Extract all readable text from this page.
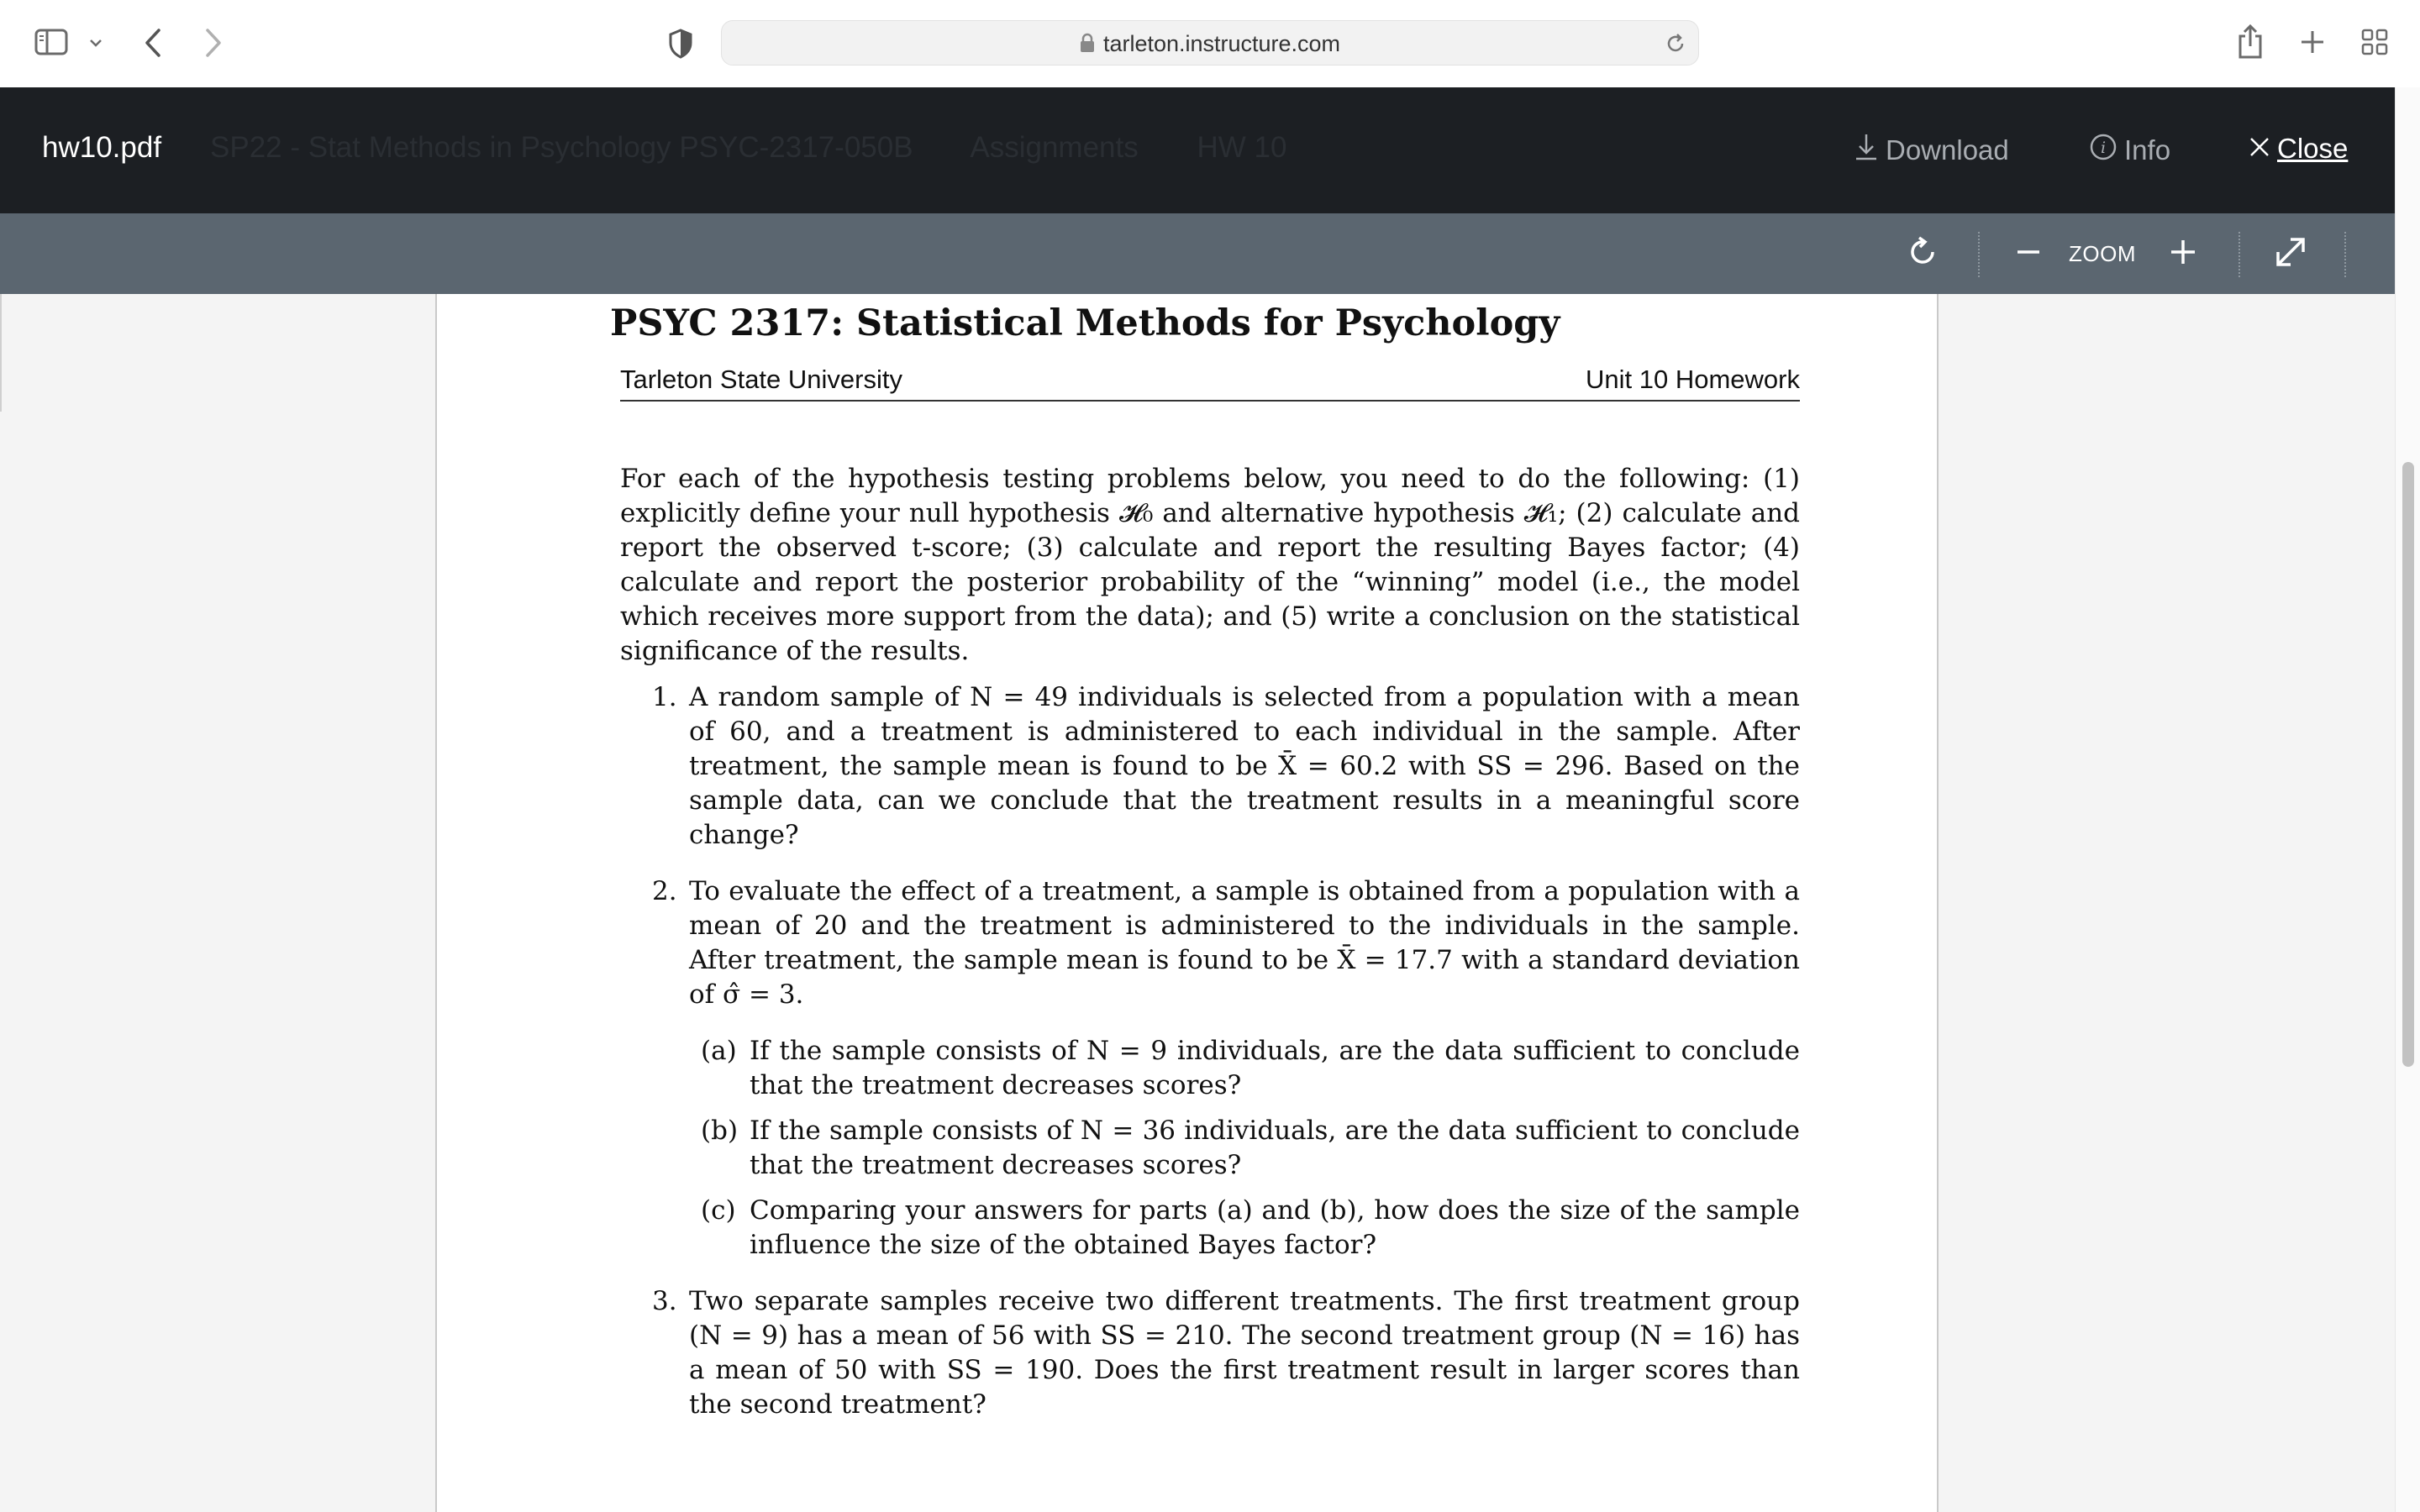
tarleton.instructure.com
hw10.pdf SP22 - Stat Methods in Psychology PSYC-2317-050B Assignments HW 10	Download	i Info	Close
ZOOM
PSYC 2317: Statistical Methods for Psychology
Tarleton State University	Unit 10 Homework

For each of the hypothesis testing problems below, you need to do the following: (1) explicitly define your null hypothesis 𝓗₀ and alternative hypothesis 𝓗₁; (2) calculate and report the observed t-score; (3) calculate and report the resulting Bayes factor; (4) calculate and report the posterior probability of the “winning” model (i.e., the model which receives more support from the data); and (5) write a conclusion on the statistical significance of the results.

1. A random sample of N = 49 individuals is selected from a population with a mean of 60, and a treatment is administered to each individual in the sample. After treatment, the sample mean is found to be X̄ = 60.2 with SS = 296. Based on the sample data, can we conclude that the treatment results in a meaningful score change?
2. To evaluate the effect of a treatment, a sample is obtained from a population with a mean of 20 and the treatment is administered to the individuals in the sample. After treatment, the sample mean is found to be X̄ = 17.7 with a standard deviation of σ̂ = 3.
(a) If the sample consists of N = 9 individuals, are the data sufficient to conclude that the treatment decreases scores?
(b) If the sample consists of N = 36 individuals, are the data sufficient to conclude that the treatment decreases scores?
(c) Comparing your answers for parts (a) and (b), how does the size of the sample influence the size of the obtained Bayes factor?
3. Two separate samples receive two different treatments. The first treatment group (N = 9) has a mean of 56 with SS = 210. The second treatment group (N = 16) has a mean of 50 with SS = 190. Does the first treatment result in larger scores than the second treatment?
